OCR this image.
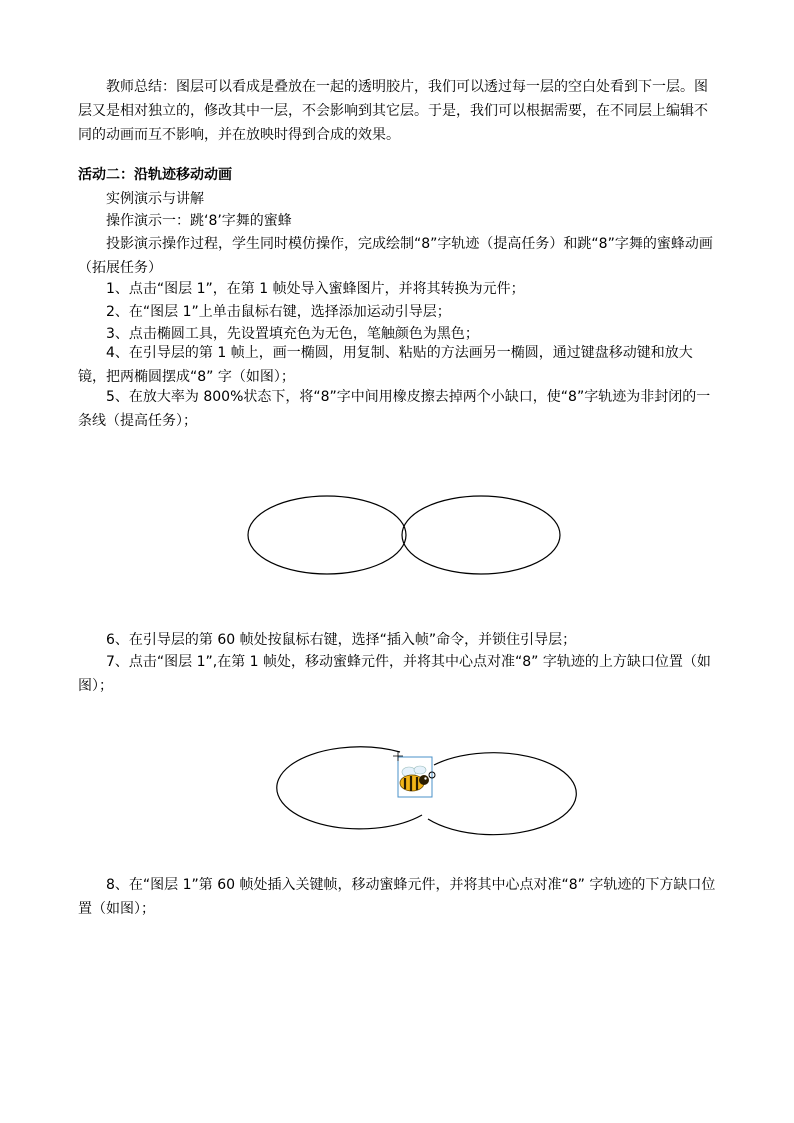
教师总结：图层可以看成是叠放在一起的透明胶片，我们可以透过每一层的空白处看到下一层。图层又是相对独立的，修改其中一层，不会影响到其它层。于是，我们可以根据需要，在不同层上编辑不同的动画而互不影响，并在放映时得到合成的效果。

活动二：沿轨迹移动动画

实例演示与讲解

操作演示一：跳‘8’字舞的蜜蜂

投影演示操作过程，学生同时模仿操作，完成绘制“8”字轨迹（提高任务）和跳“8”字舞的蜜蜂动画（拓展任务）

1、点击“图层 1”，在第 1 帧处导入蜜蜂图片，并将其转换为元件；

2、在“图层 1”上单击鼠标右键，选择添加运动引导层；

3、点击椭圆工具，先设置填充色为无色，笔触颜色为黑色；

4、在引导层的第 1 帧上，画一椭圆，用复制、粘贴的方法画另一椭圆，通过键盘移动键和放大镜，把两椭圆摆成“8” 字（如图）；

5、在放大率为 800%状态下，将“8”字中间用橡皮擦去掉两个小缺口，使“8”字轨迹为非封闭的一条线（提高任务）；

6、在引导层的第 60 帧处按鼠标右键，选择“插入帧”命令，并锁住引导层；

7、点击“图层 1”,在第 1 帧处，移动蜜蜂元件，并将其中心点对准“8” 字轨迹的上方缺口位置（如图）；

8、在“图层 1”第 60 帧处插入关键帧，移动蜜蜂元件，并将其中心点对准“8” 字轨迹的下方缺口位置（如图）；
